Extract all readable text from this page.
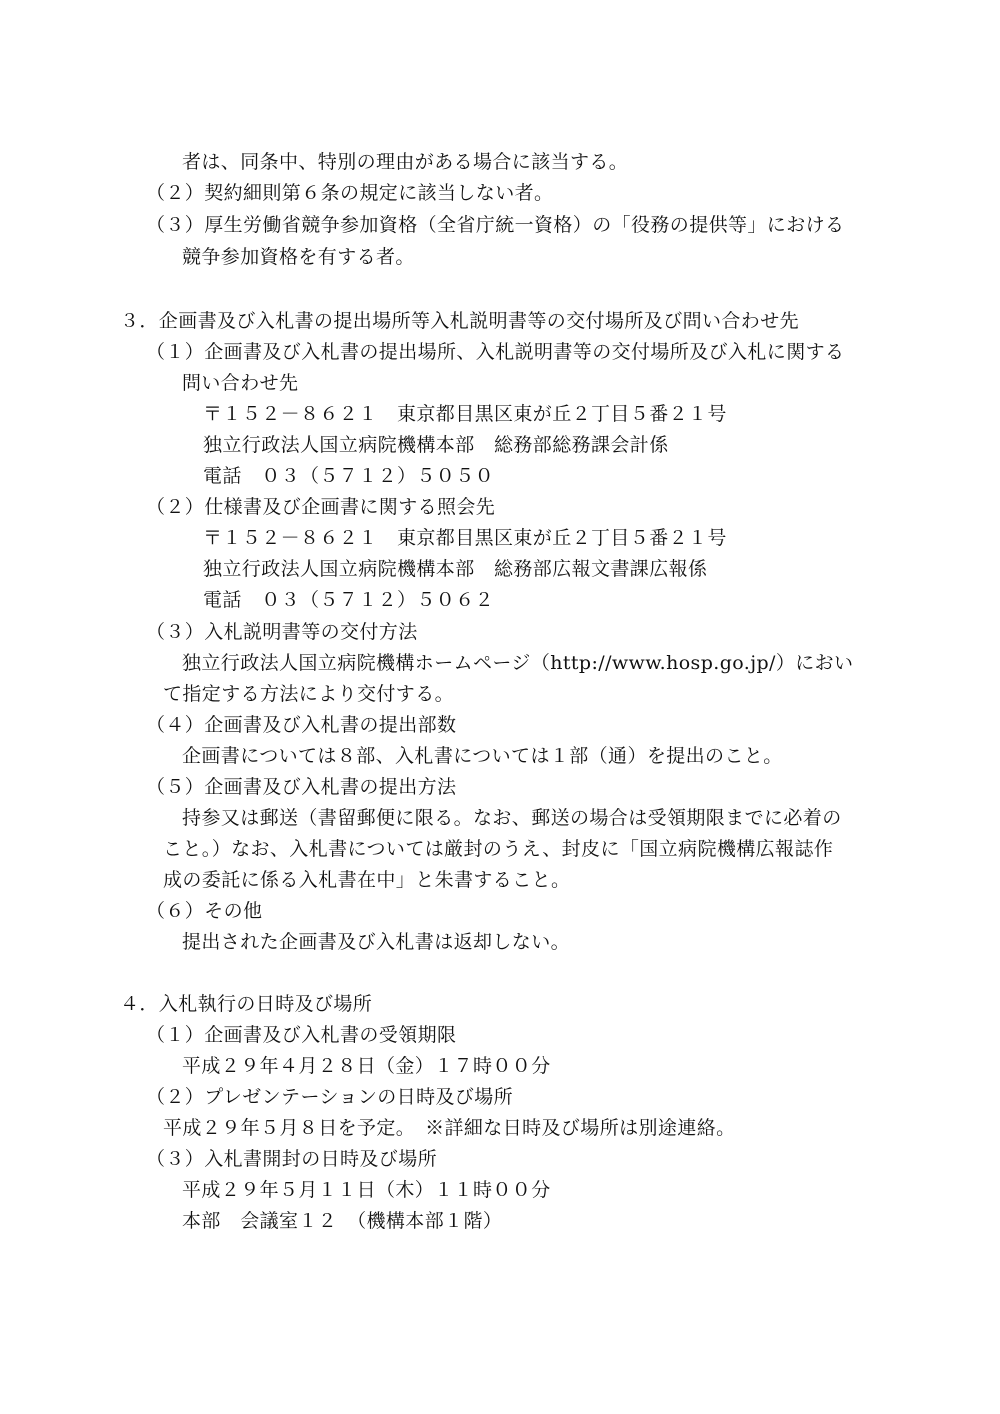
者は、同条中、特別の理由がある場合に該当する。
（２）契約細則第６条の規定に該当しない者。
（３）厚生労働省競争参加資格（全省庁統一資格）の「役務の提供等」における
競争参加資格を有する者。
３．企画書及び入札書の提出場所等入札説明書等の交付場所及び問い合わせ先
（１）企画書及び入札書の提出場所、入札説明書等の交付場所及び入札に関する
問い合わせ先
〒１５２－８６２１　東京都目黒区東が丘２丁目５番２１号
独立行政法人国立病院機構本部　総務部総務課会計係
電話　０３（５７１２）５０５０
（２）仕様書及び企画書に関する照会先
〒１５２－８６２１　東京都目黒区東が丘２丁目５番２１号
独立行政法人国立病院機構本部　総務部広報文書課広報係
電話　０３（５７１２）５０６２
（３）入札説明書等の交付方法
独立行政法人国立病院機構ホームページ（http://www.hosp.go.jp/）におい
て指定する方法により交付する。
（４）企画書及び入札書の提出部数
企画書については８部、入札書については１部（通）を提出のこと。
（５）企画書及び入札書の提出方法
持参又は郵送（書留郵便に限る。なお、郵送の場合は受領期限までに必着の
こと。）なお、入札書については厳封のうえ、封皮に「国立病院機構広報誌作
成の委託に係る入札書在中」と朱書すること。
（６）その他
提出された企画書及び入札書は返却しない。
４．入札執行の日時及び場所
（１）企画書及び入札書の受領期限
平成２９年４月２８日（金）１７時００分
（２）プレゼンテーションの日時及び場所
平成２９年５月８日を予定。　※詳細な日時及び場所は別途連絡。
（３）入札書開封の日時及び場所
平成２９年５月１１日（木）１１時００分
本部　会議室１２　（機構本部１階）
